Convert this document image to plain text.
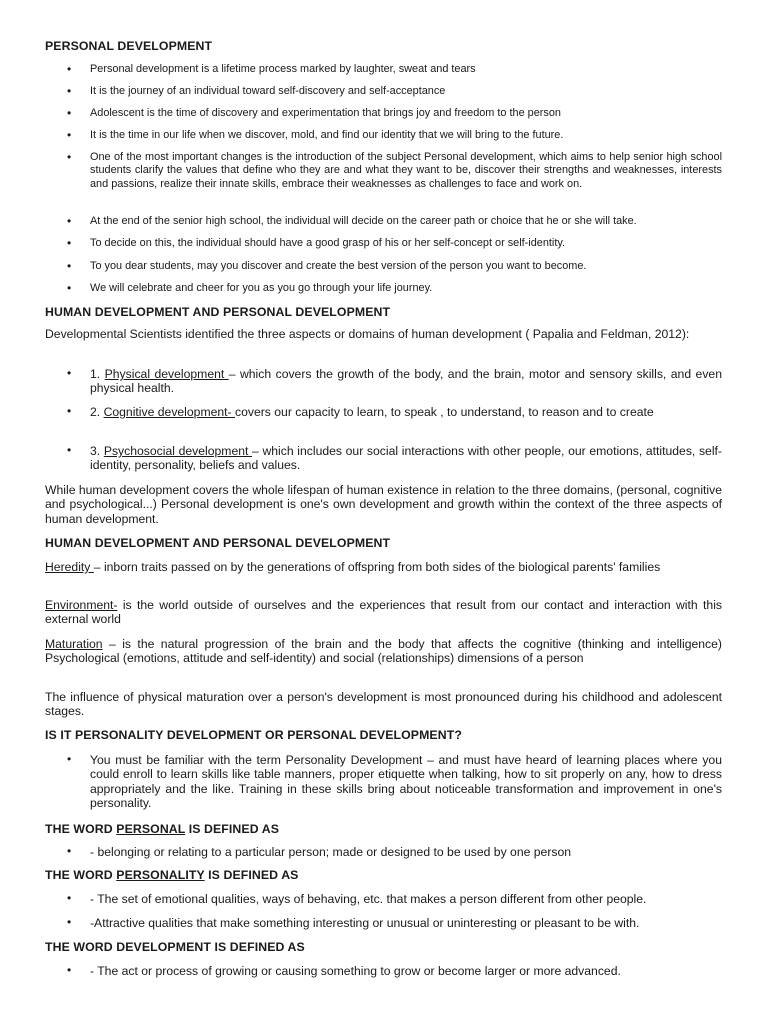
PERSONAL DEVELOPMENT
• Personal development is a lifetime process marked by laughter, sweat and tears
• It is the journey of an individual toward self-discovery and self-acceptance
• Adolescent is the time of discovery and experimentation that brings joy and freedom to the person
• It is the time in our life when we discover, mold, and find our identity that we will bring to the future.
• One of the most important changes is the introduction of the subject Personal development, which aims to help senior high school students clarify the values that define who they are and what they want to be, discover their strengths and weaknesses, interests and passions, realize their innate skills, embrace their weaknesses as challenges to face and work on.
• At the end of the senior high school, the individual will decide on the career path or choice that he or she will take.
• To decide on this, the individual should have a good grasp of his or her self-concept or self-identity.
• To you dear students, may you discover and create the best version of the person you want to become.
• We will celebrate and cheer for you as you go through your life journey.
HUMAN DEVELOPMENT AND PERSONAL DEVELOPMENT

Developmental Scientists identified the three aspects or domains of human development ( Papalia and Feldman, 2012):

• 1. Physical development – which covers the growth of the body, and the brain, motor and sensory skills, and even physical health.
• 2. Cognitive development- covers our capacity to learn, to speak , to understand, to reason and to create
• 3. Psychosocial development – which includes our social interactions with other people, our emotions, attitudes, self-identity, personality, beliefs and values.

While human development covers the whole lifespan of human existence in relation to the three domains, (personal, cognitive and psychological...) Personal development is one's own development and growth within the context of the three aspects of human development.

HUMAN DEVELOPMENT AND PERSONAL DEVELOPMENT

Heredity – inborn traits passed on by the generations of offspring from both sides of the biological parents' families

Environment- is the world outside of ourselves and the experiences that result from our contact and interaction with this external world

Maturation – is the natural progression of the brain and the body that affects the cognitive (thinking and intelligence) Psychological (emotions, attitude and self-identity) and social (relationships) dimensions of a person

The influence of physical maturation over a person's development is most pronounced during his childhood and adolescent stages.

IS IT PERSONALITY DEVELOPMENT OR PERSONAL DEVELOPMENT?
• You must be familiar with the term Personality Development – and must have heard of learning places where you could enroll to learn skills like table manners, proper etiquette when talking, how to sit properly on any, how to dress appropriately and the like. Training in these skills bring about noticeable transformation and improvement in one's personality.
THE WORD PERSONAL IS DEFINED AS
• - belonging or relating to a particular person; made or designed to be used by one person
THE WORD PERSONALITY IS DEFINED AS
• - The set of emotional qualities, ways of behaving, etc. that makes a person different from other people.
• -Attractive qualities that make something interesting or unusual or uninteresting or pleasant to be with.
THE WORD DEVELOPMENT IS DEFINED AS
• - The act or process of growing or causing something to grow or become larger or more advanced.
